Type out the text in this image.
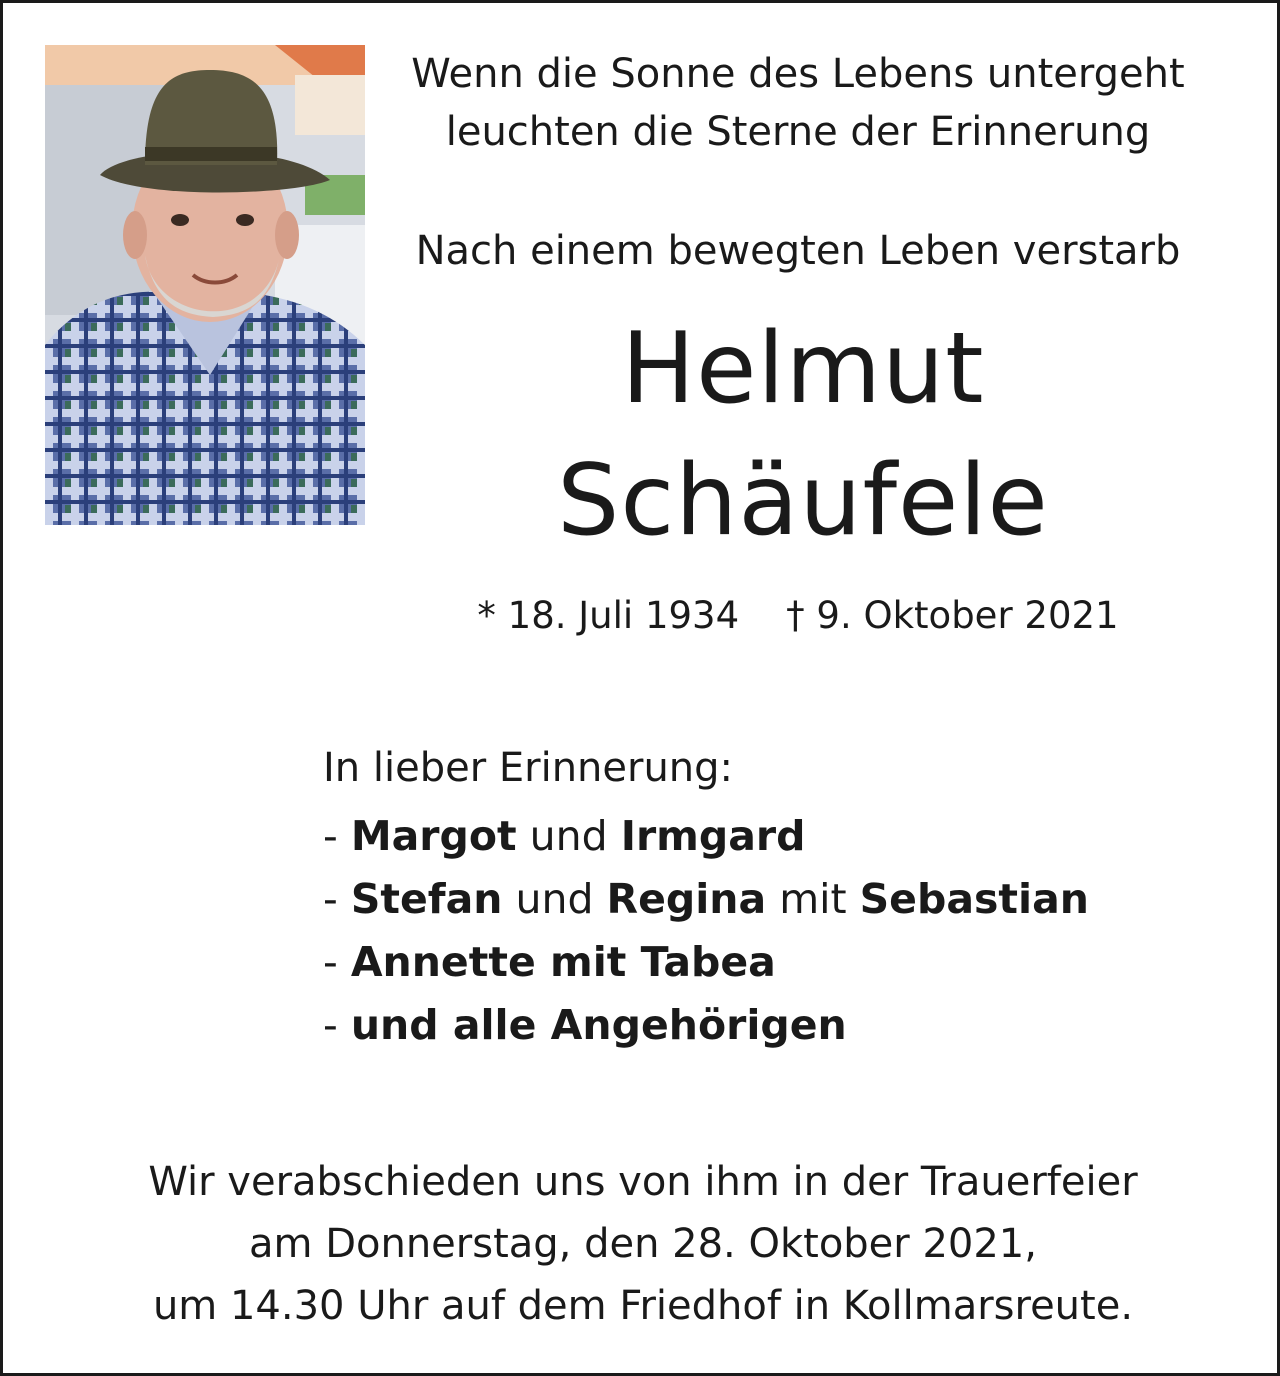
Wenn die Sonne des Lebens untergeht
leuchten die Sterne der Erinnerung
Nach einem bewegten Leben verstarb
Helmut
Schäufele
* 18. Juli 1934 † 9. Oktober 2021
In lieber Erinnerung:
- Margot und Irmgard
- Stefan und Regina mit Sebastian
- Annette mit Tabea
- und alle Angehörigen
Wir verabschieden uns von ihm in der Trauerfeier
am Donnerstag, den 28. Oktober 2021,
um 14.30 Uhr auf dem Friedhof in Kollmarsreute.
